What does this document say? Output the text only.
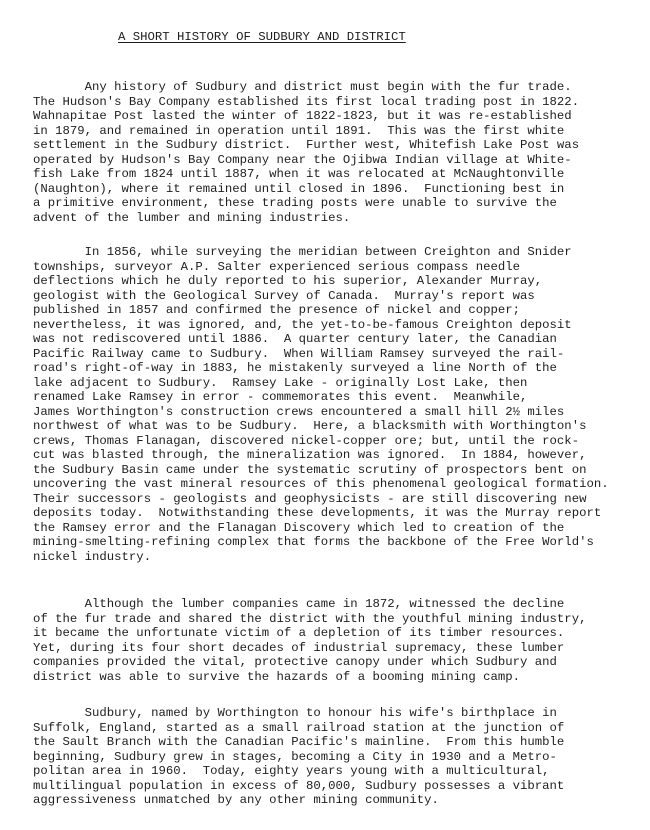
A SHORT HISTORY OF SUDBURY AND DISTRICT
Any history of Sudbury and district must begin with the fur trade.
The Hudson's Bay Company established its first local trading post in 1822.
Wahnapitae Post lasted the winter of 1822-1823, but it was re-established
in 1879, and remained in operation until 1891.  This was the first white
settlement in the Sudbury district.  Further west, Whitefish Lake Post was
operated by Hudson's Bay Company near the Ojibwa Indian village at White-
fish Lake from 1824 until 1887, when it was relocated at McNaughtonville
(Naughton), where it remained until closed in 1896.  Functioning best in
a primitive environment, these trading posts were unable to survive the
advent of the lumber and mining industries.
In 1856, while surveying the meridian between Creighton and Snider
townships, surveyor A.P. Salter experienced serious compass needle
deflections which he duly reported to his superior, Alexander Murray,
geologist with the Geological Survey of Canada.  Murray's report was
published in 1857 and confirmed the presence of nickel and copper;
nevertheless, it was ignored, and, the yet-to-be-famous Creighton deposit
was not rediscovered until 1886.  A quarter century later, the Canadian
Pacific Railway came to Sudbury.  When William Ramsey surveyed the rail-
road's right-of-way in 1883, he mistakenly surveyed a line North of the
lake adjacent to Sudbury.  Ramsey Lake - originally Lost Lake, then
renamed Lake Ramsey in error - commemorates this event.  Meanwhile,
James Worthington's construction crews encountered a small hill 2½ miles
northwest of what was to be Sudbury.  Here, a blacksmith with Worthington's
crews, Thomas Flanagan, discovered nickel-copper ore; but, until the rock-
cut was blasted through, the mineralization was ignored.  In 1884, however,
the Sudbury Basin came under the systematic scrutiny of prospectors bent on
uncovering the vast mineral resources of this phenomenal geological formation.
Their successors - geologists and geophysicists - are still discovering new
deposits today.  Notwithstanding these developments, it was the Murray report
the Ramsey error and the Flanagan Discovery which led to creation of the
mining-smelting-refining complex that forms the backbone of the Free World's
nickel industry.
Although the lumber companies came in 1872, witnessed the decline
of the fur trade and shared the district with the youthful mining industry,
it became the unfortunate victim of a depletion of its timber resources.
Yet, during its four short decades of industrial supremacy, these lumber
companies provided the vital, protective canopy under which Sudbury and
district was able to survive the hazards of a booming mining camp.
Sudbury, named by Worthington to honour his wife's birthplace in
Suffolk, England, started as a small railroad station at the junction of
the Sault Branch with the Canadian Pacific's mainline.  From this humble
beginning, Sudbury grew in stages, becoming a City in 1930 and a Metro-
politan area in 1960.  Today, eighty years young with a multicultural,
multilingual population in excess of 80,000, Sudbury possesses a vibrant
aggressiveness unmatched by any other mining community.
